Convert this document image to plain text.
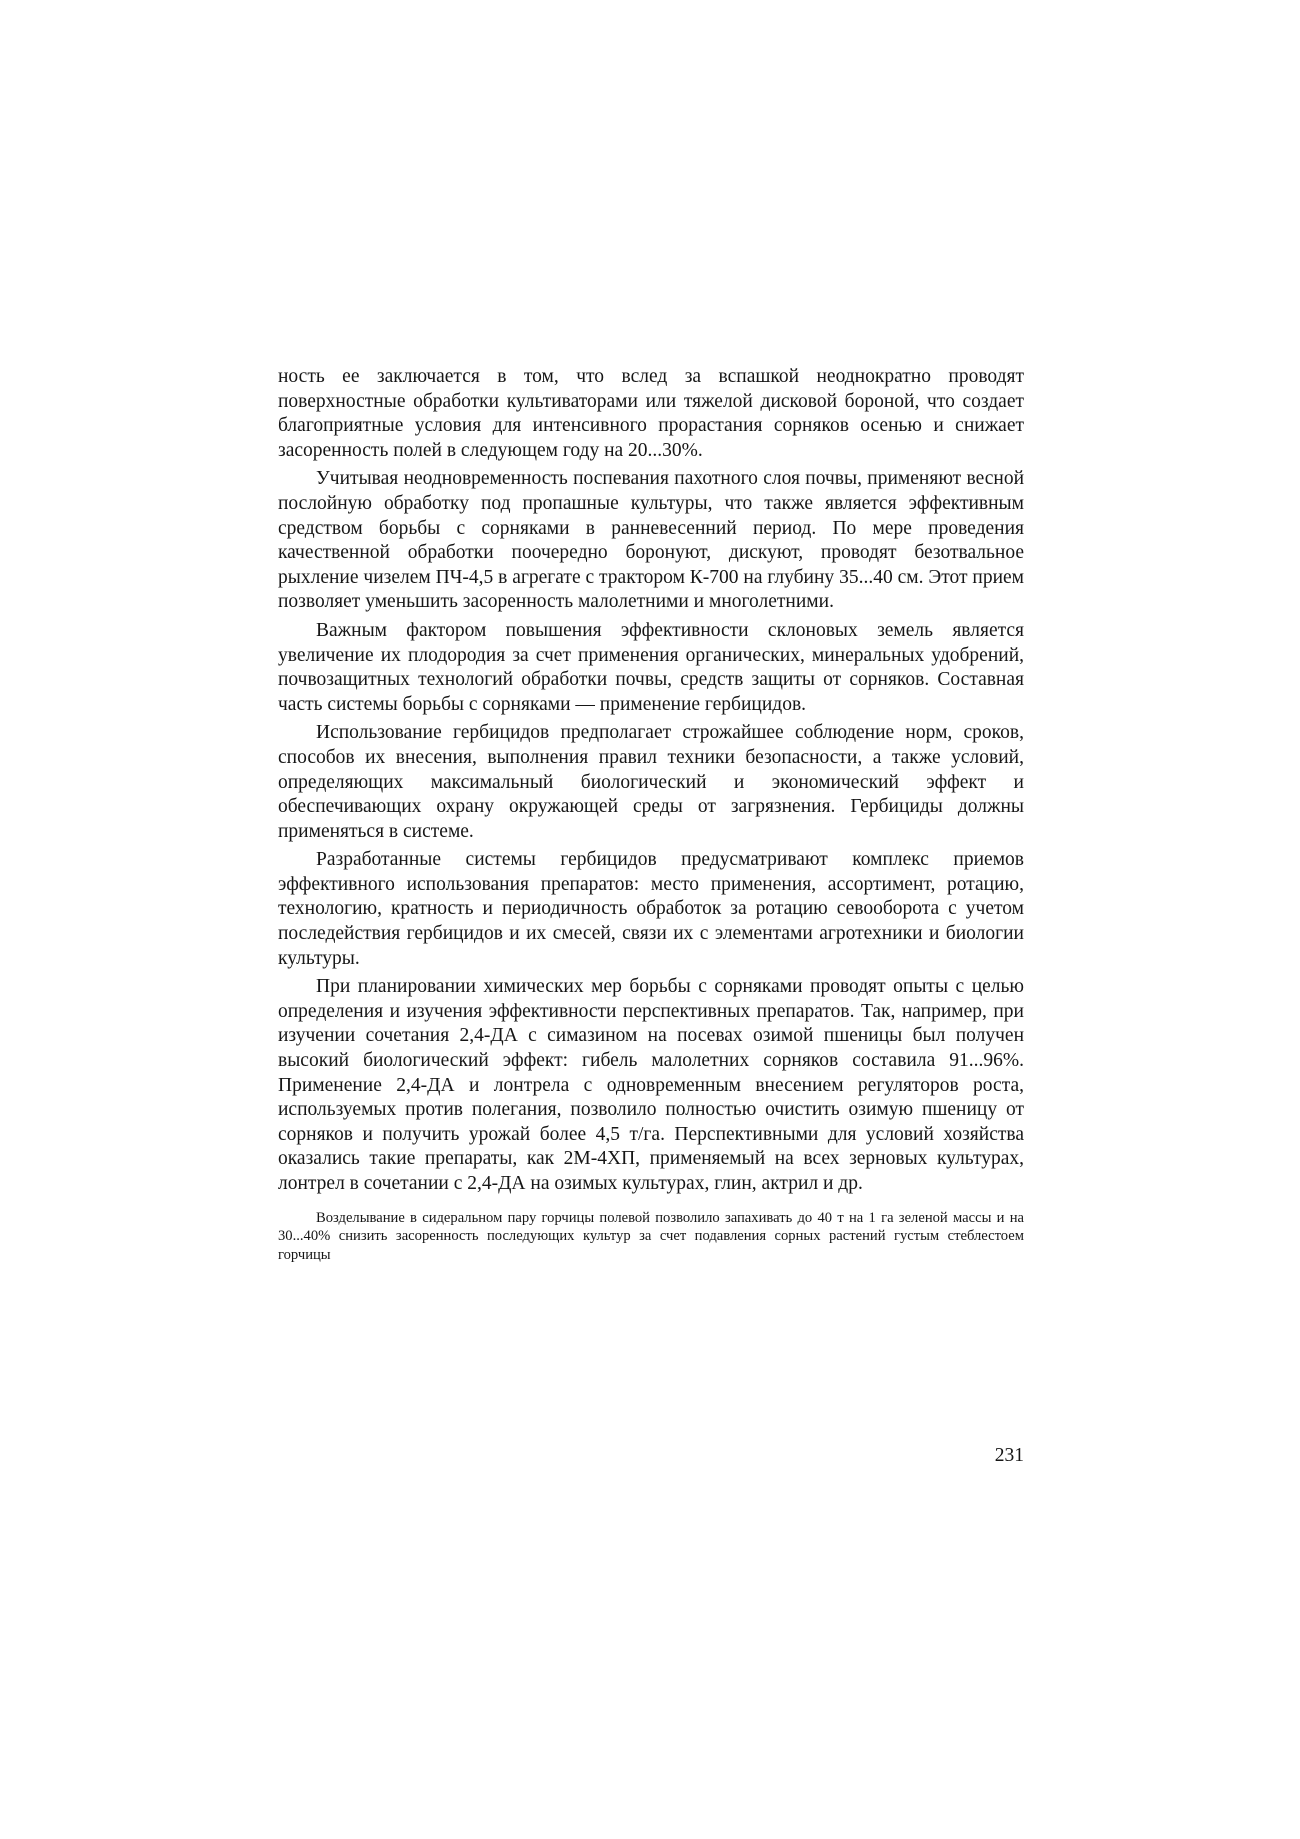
ность ее заключается в том, что вслед за вспашкой неоднократно проводят поверхностные обработки культиваторами или тяжелой дисковой бороной, что создает благоприятные условия для интенсивного прорастания сорняков осенью и снижает засоренность полей в следующем году на 20...30%.

Учитывая неодновременность поспевания пахотного слоя почвы, применяют весной послойную обработку под пропашные культуры, что также является эффективным средством борьбы с сорняками в ранневесенний период. По мере проведения качественной обработки поочередно боронуют, дискуют, проводят безотвальное рыхление чизелем ПЧ-4,5 в агрегате с трактором К-700 на глубину 35...40 см. Этот прием позволяет уменьшить засоренность малолетними и многолетними.

Важным фактором повышения эффективности склоновых земель является увеличение их плодородия за счет применения органических, минеральных удобрений, почвозащитных технологий обработки почвы, средств защиты от сорняков. Составная часть системы борьбы с сорняками — применение гербицидов.

Использование гербицидов предполагает строжайшее соблюдение норм, сроков, способов их внесения, выполнения правил техники безопасности, а также условий, определяющих максимальный биологический и экономический эффект и обеспечивающих охрану окружающей среды от загрязнения. Гербициды должны применяться в системе.

Разработанные системы гербицидов предусматривают комплекс приемов эффективного использования препаратов: место применения, ассортимент, ротацию, технологию, кратность и периодичность обработок за ротацию севооборота с учетом последействия гербицидов и их смесей, связи их с элементами агротехники и биологии культуры.

При планировании химических мер борьбы с сорняками проводят опыты с целью определения и изучения эффективности перспективных препаратов. Так, например, при изучении сочетания 2,4-ДА с симазином на посевах озимой пшеницы был получен высокий биологический эффект: гибель малолетних сорняков составила 91...96%. Применение 2,4-ДА и лонтрела с одновременным внесением регуляторов роста, используемых против полегания, позволило полностью очистить озимую пшеницу от сорняков и получить урожай более 4,5 т/га. Перспективными для условий хозяйства оказались такие препараты, как 2М-4ХП, применяемый на всех зерновых культурах, лонтрел в сочетании с 2,4-ДА на озимых культурах, глин, актрил и др.

Возделывание в сидеральном пару горчицы полевой позволило запахивать до 40 т на 1 га зеленой массы и на 30...40% снизить засоренность последующих культур за счет подавления сорных растений густым стеблестоем горчицы

231
